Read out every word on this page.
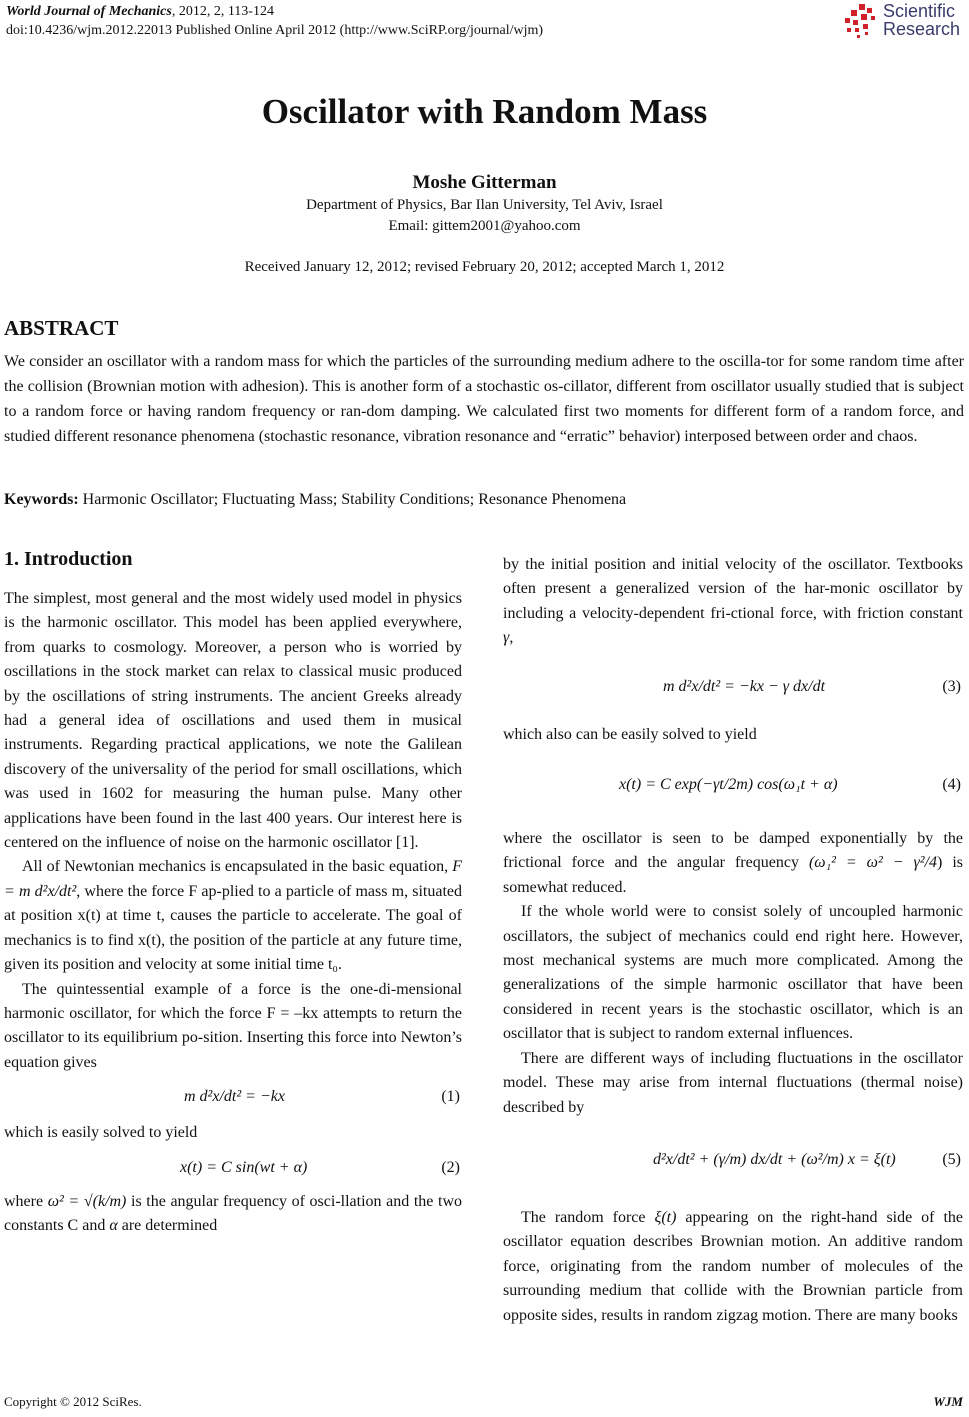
World Journal of Mechanics, 2012, 2, 113-124
doi:10.4236/wjm.2012.22013 Published Online April 2012 (http://www.SciRP.org/journal/wjm)
Scientific
Research
Oscillator with Random Mass
Moshe Gitterman
Department of Physics, Bar Ilan University, Tel Aviv, Israel
Email: gittem2001@yahoo.com
Received January 12, 2012; revised February 20, 2012; accepted March 1, 2012
ABSTRACT
We consider an oscillator with a random mass for which the particles of the surrounding medium adhere to the oscilla-tor for some random time after the collision (Brownian motion with adhesion). This is another form of a stochastic os-cillator, different from oscillator usually studied that is subject to a random force or having random frequency or ran-dom damping. We calculated first two moments for different form of a random force, and studied different resonance phenomena (stochastic resonance, vibration resonance and “erratic” behavior) interposed between order and chaos.
Keywords: Harmonic Oscillator; Fluctuating Mass; Stability Conditions; Resonance Phenomena
1. Introduction

The simplest, most general and the most widely used model in physics is the harmonic oscillator. This model has been applied everywhere, from quarks to cosmology. Moreover, a person who is worried by oscillations in the stock market can relax to classical music produced by the oscillations of string instruments. The ancient Greeks already had a general idea of oscillations and used them in musical instruments. Regarding practical applications, we note the Galilean discovery of the universality of the period for small oscillations, which was used in 1602 for measuring the human pulse. Many other applications have been found in the last 400 years. Our interest here is centered on the influence of noise on the harmonic oscillator [1].

All of Newtonian mechanics is encapsulated in the basic equation, F = m d²x/dt², where the force F ap-plied to a particle of mass m, situated at position x(t) at time t, causes the particle to accelerate. The goal of mechanics is to find x(t), the position of the particle at any future time, given its position and velocity at some initial time t₀.

The quintessential example of a force is the one-di-mensional harmonic oscillator, for which the force F = –kx attempts to return the oscillator to its equilibrium po-sition. Inserting this force into Newton’s equation gives

m d²x/dt² = −kx	(1)

which is easily solved to yield

x(t) = C sin(wt + α)	(2)

where ω² = √(k/m) is the angular frequency of osci-llation and the two constants C and α are determined

by the initial position and initial velocity of the oscillator. Textbooks often present a generalized version of the har-monic oscillator by including a velocity-dependent fri-ctional force, with friction constant γ,

m d²x/dt² = −kx − γ dx/dt	(3)

which also can be easily solved to yield

x(t) = C exp(−γt/2m) cos(ω₁t + α)	(4)

where the oscillator is seen to be damped exponentially by the frictional force and the angular frequency (ω₁² = ω² − γ²/4) is somewhat reduced.

If the whole world were to consist solely of uncoupled harmonic oscillators, the subject of mechanics could end right here. However, most mechanical systems are much more complicated. Among the generalizations of the simple harmonic oscillator that have been considered in recent years is the stochastic oscillator, which is an oscillator that is subject to random external influences.

There are different ways of including fluctuations in the oscillator model. These may arise from internal fluctuations (thermal noise) described by

d²x/dt² + (γ/m) dx/dt + (ω²/m) x = ξ(t)	(5)

The random force ξ(t) appearing on the right-hand side of the oscillator equation describes Brownian motion. An additive random force, originating from the random number of molecules of the surrounding medium that collide with the Brownian particle from opposite sides, results in random zigzag motion. There are many books

Copyright © 2012 SciRes.	WJM
